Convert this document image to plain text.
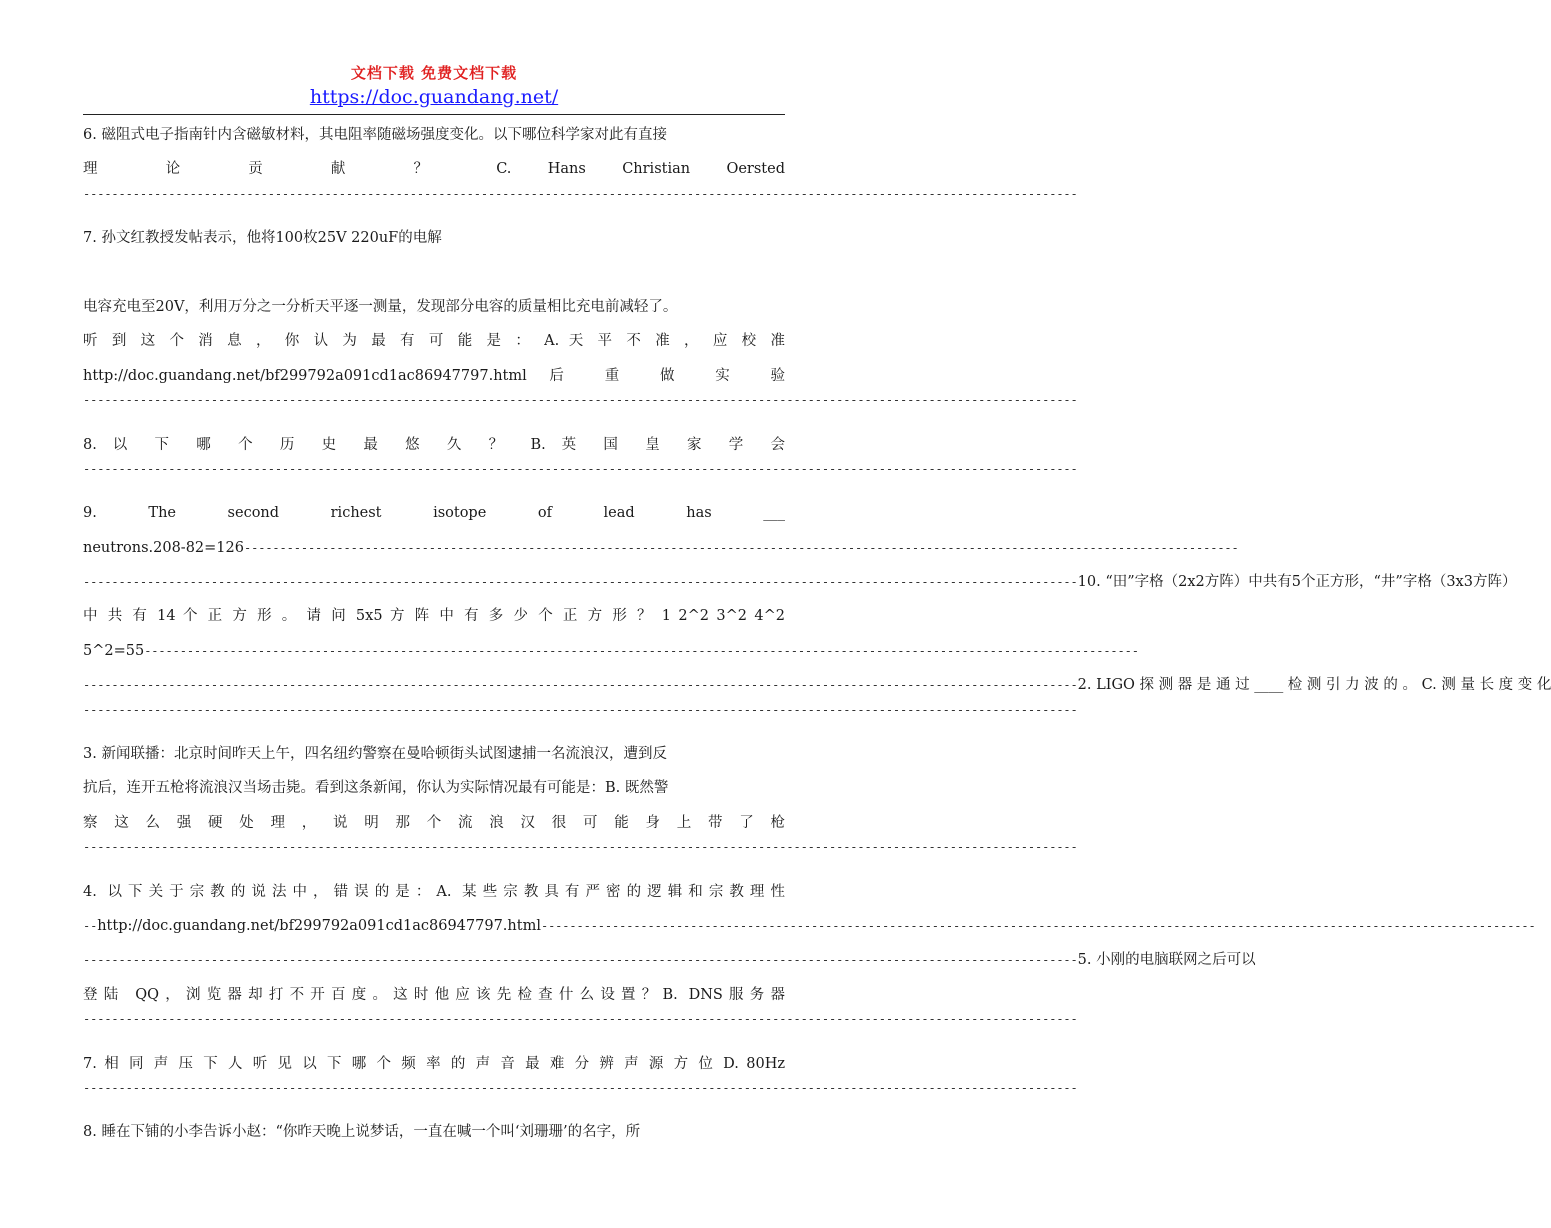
文档下载 免费文档下载
https://doc.guandang.net/
6. 磁阻式电子指南针内含磁敏材料，其电阻率随磁场强度变化。以下哪位科学家对此有直接
理 论 贡 献 ？ C. Hans Christian Oersted
--------------------------------------------------------------------------------------------------------------------------------------------
7. 孙文红教授发帖表示，他将100枚25V 220uF的电解
电容充电至20V，利用万分之一分析天平逐一测量，发现部分电容的质量相比充电前减轻了。
听 到 这 个 消 息 ， 你 认 为 最 有 可 能 是 ： A. 天 平 不 准 ， 应 校 准
http://doc.guandang.net/bf299792a091cd1ac86947797.html 后 重 做 实 验
--------------------------------------------------------------------------------------------------------------------------------------------
8. 以 下 哪 个 历 史 最 悠 久 ？ B. 英 国 皇 家 学 会
--------------------------------------------------------------------------------------------------------------------------------------------
9. The second richest isotope of lead has ___
neutrons.208-82=126 --------------------------------------------------------------------------------------------------------------------------------------------
-------------------------------------------------------------------------------------------------------------------------------------------- 10. “田”字格（2x2方阵）中共有5个正方形，“井”字格（3x3方阵）
中 共 有 14 个 正 方 形 。 请 问 5x5 方 阵 中 有 多 少 个 正 方 形 ？ 1 2^2 3^2 4^2
5^2=55 --------------------------------------------------------------------------------------------------------------------------------------------
-------------------------------------------------------------------------------------------------------------------------------------------- 2. LIGO 探 测 器 是 通 过 ____ 检 测 引 力 波 的 。 C. 测 量 长 度 变 化
--------------------------------------------------------------------------------------------------------------------------------------------
3. 新闻联播：北京时间昨天上午，四名纽约警察在曼哈顿街头试图逮捕一名流浪汉，遭到反
抗后，连开五枪将流浪汉当场击毙。看到这条新闻，你认为实际情况最有可能是：B. 既然警
察 这 么 强 硬 处 理 ， 说 明 那 个 流 浪 汉 很 可 能 身 上 带 了 枪
--------------------------------------------------------------------------------------------------------------------------------------------
4. 以下关于宗教的说法中，错误的是：A. 某些宗教具有严密的逻辑和宗教理性
-- http://doc.guandang.net/bf299792a091cd1ac86947797.html --------------------------------------------------------------------------------------------------------------------------------------------
-------------------------------------------------------------------------------------------------------------------------------------------- 5. 小刚的电脑联网之后可以
登陆 QQ，浏览器却打不开百度。这时他应该先检查什么设置？B. DNS服务器
--------------------------------------------------------------------------------------------------------------------------------------------
7. 相 同 声 压 下 人 听 见 以 下 哪 个 频 率 的 声 音 最 难 分 辨 声 源 方 位 D. 80Hz
--------------------------------------------------------------------------------------------------------------------------------------------
8. 睡在下铺的小李告诉小赵：“你昨天晚上说梦话，一直在喊一个叫‘刘珊珊’的名字，所
